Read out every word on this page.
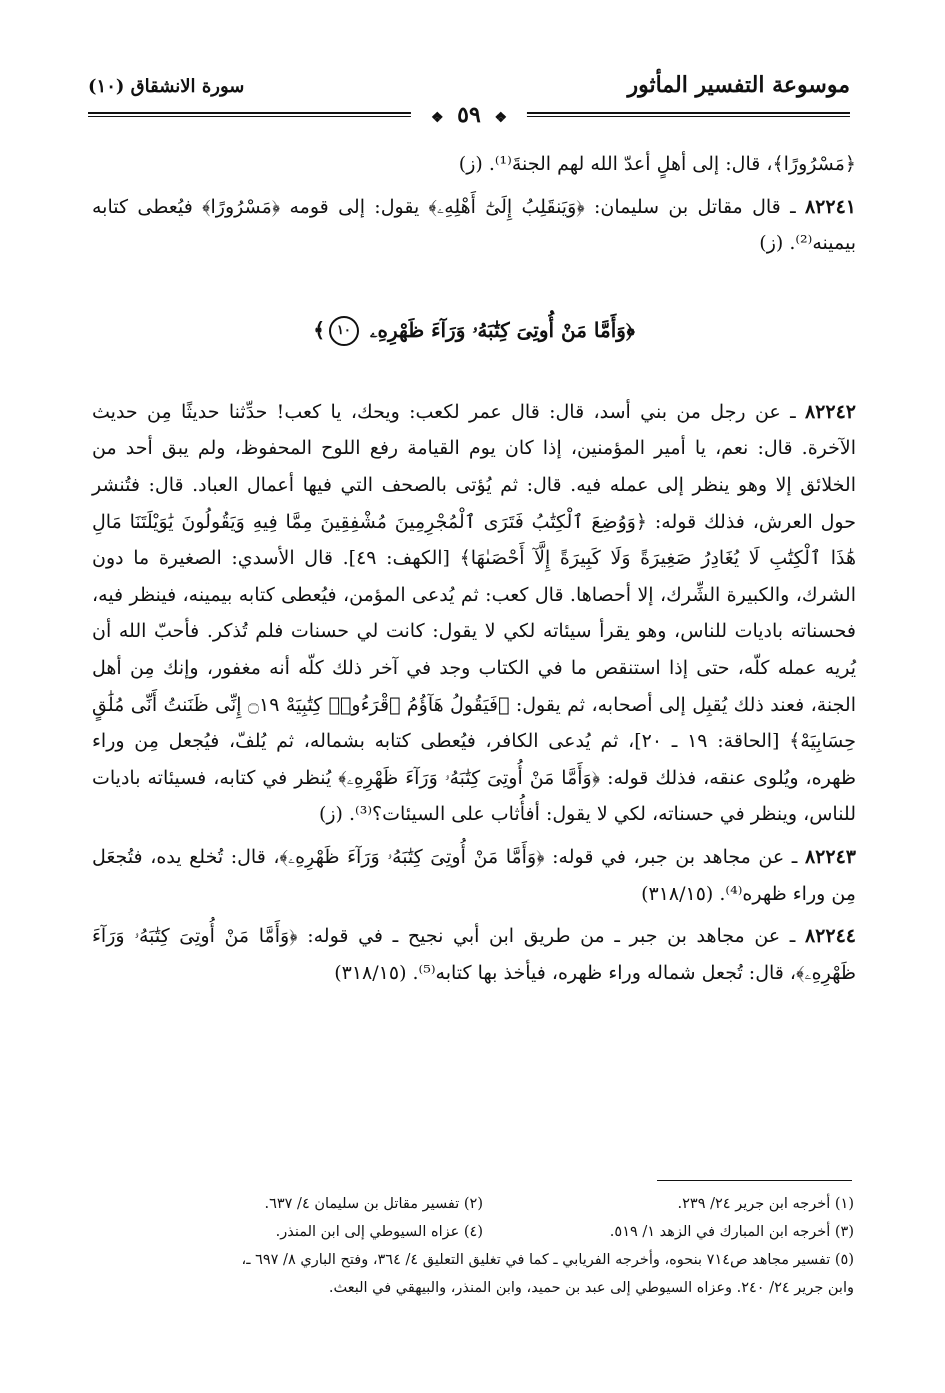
موسوعة التفسير المأثور
سورة الانشقاق (١٠)
❖ ٥٩ ❖

﴿مَسْرُورًا﴾، قال: إلى أهلٍ أعدّ الله لهم الجنةَ⁽¹⁾. (ز)

٨٢٢٤١ ـ قال مقاتل بن سليمان: ﴿وَيَنقَلِبُ إِلَىٰٓ أَهْلِهِۦ﴾ يقول: إلى قومه ﴿مَسْرُورًا﴾ فيُعطى كتابه بيمينه⁽²⁾. (ز)

﴿وَأَمَّا مَنْ أُوتِىَ كِتَٰبَهُۥ وَرَآءَ ظَهْرِهِۦ ١٠﴾

٨٢٢٤٢ ـ عن رجل من بني أسد، قال: قال عمر لكعب: ويحك، يا كعب! حدِّثنا حديثًا مِن حديث الآخرة. قال: نعم، يا أمير المؤمنين، إذا كان يوم القيامة رفع اللوح المحفوظ، ولم يبق أحد من الخلائق إلا وهو ينظر إلى عمله فيه. قال: ثم يُؤتى بالصحف التي فيها أعمال العباد. قال: فتُنشر حول العرش، فذلك قوله: ﴿وَوُضِعَ ٱلْكِتَٰبُ فَتَرَى ٱلْمُجْرِمِينَ مُشْفِقِينَ مِمَّا فِيهِ وَيَقُولُونَ يَٰوَيْلَتَنَا مَالِ هَٰذَا ٱلْكِتَٰبِ لَا يُغَادِرُ صَغِيرَةً وَلَا كَبِيرَةً إِلَّآ أَحْصَىٰهَا﴾ [الكهف: ٤٩]. قال الأسدي: الصغيرة ما دون الشرك، والكبيرة الشِّرك، إلا أحصاها. قال كعب: ثم يُدعى المؤمن، فيُعطى كتابه بيمينه، فينظر فيه، فحسناته باديات للناس، وهو يقرأ سيئاته لكي لا يقول: كانت لي حسنات فلم تُذكر. فأحبّ الله أن يُريه عمله كلّه، حتى إذا استنقص ما في الكتاب وجد في آخر ذلك كلّه أنه مغفور، وإنك مِن أهل الجنة، فعند ذلك يُقبِل إلى أصحابه، ثم يقول: ﴿فَيَقُولُ هَآؤُمُ ٱقْرَءُوا۟ كِتَٰبِيَهْ ۝١٩ إِنِّى ظَنَنتُ أَنِّى مُلَٰقٍ حِسَابِيَهْ﴾ [الحاقة: ١٩ ـ ٢٠]، ثم يُدعى الكافر، فيُعطى كتابه بشماله، ثم يُلفّ، فيُجعل مِن وراء ظهره، ويُلوى عنقه، فذلك قوله: ﴿وَأَمَّا مَنْ أُوتِىَ كِتَٰبَهُۥ وَرَآءَ ظَهْرِهِۦ﴾ يُنظر في كتابه، فسيئاته باديات للناس، وينظر في حسناته، لكي لا يقول: أفأُثاب على السيئات؟⁽³⁾. (ز)

٨٢٢٤٣ ـ عن مجاهد بن جبر، في قوله: ﴿وَأَمَّا مَنْ أُوتِىَ كِتَٰبَهُۥ وَرَآءَ ظَهْرِهِۦ﴾، قال: تُخلع يده، فتُجعَل مِن وراء ظهره⁽⁴⁾. (٣١٨/١٥)

٨٢٢٤٤ ـ عن مجاهد بن جبر ـ من طريق ابن أبي نجيح ـ في قوله: ﴿وَأَمَّا مَنْ أُوتِىَ كِتَٰبَهُۥ وَرَآءَ ظَهْرِهِۦ﴾، قال: تُجعل شماله وراء ظهره، فيأخذ بها كتابه⁽⁵⁾. (٣١٨/١٥)

(١) أخرجه ابن جرير ٢٤/ ٢٣٩.
(٢) تفسير مقاتل بن سليمان ٤/ ٦٣٧.
(٣) أخرجه ابن المبارك في الزهد ١/ ٥١٩.
(٤) عزاه السيوطي إلى ابن المنذر.
(٥) تفسير مجاهد ص٧١٤ بنحوه، وأخرجه الفريابي ـ كما في تغليق التعليق ٤/ ٣٦٤، وفتح الباري ٨/ ٦٩٧ ـ،
وابن جرير ٢٤/ ٢٤٠. وعزاه السيوطي إلى عبد بن حميد، وابن المنذر، والبيهقي في البعث.
